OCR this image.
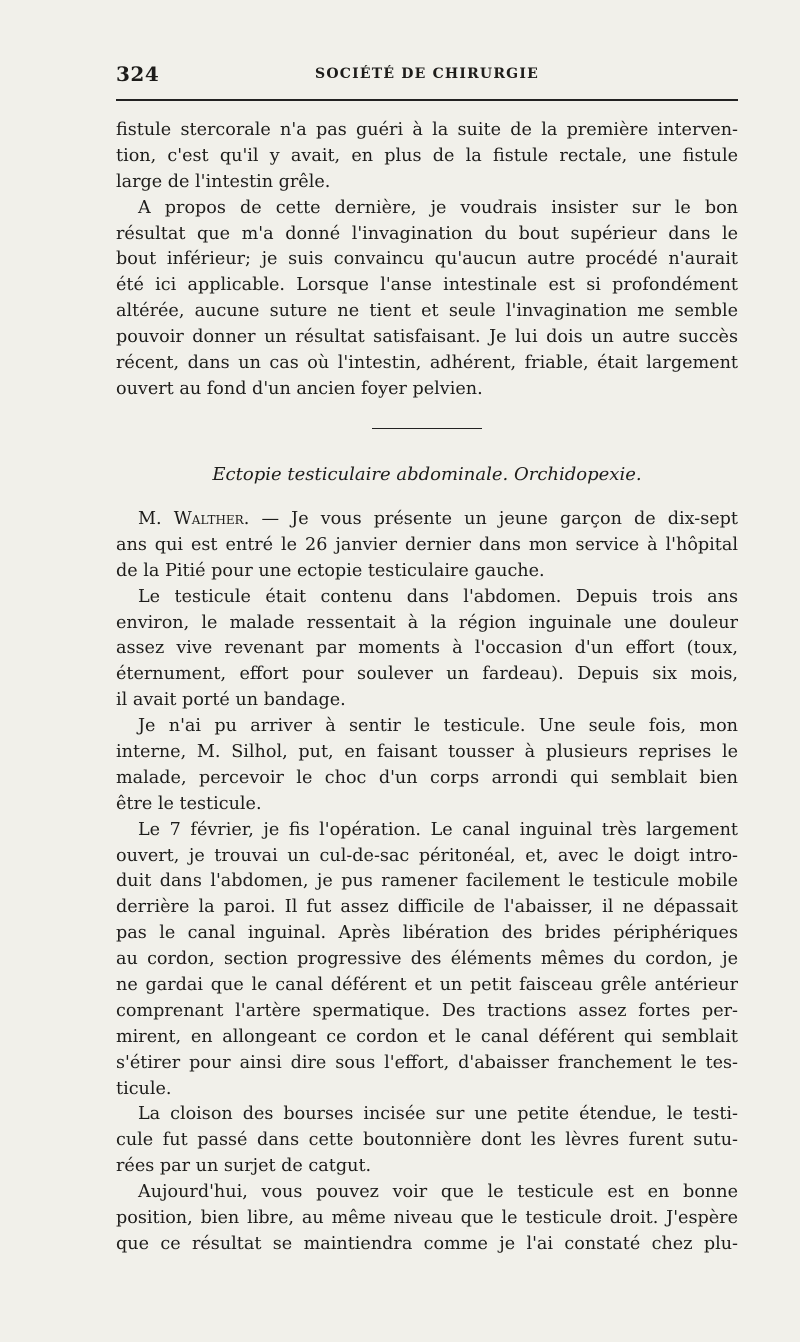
324	SOCIÉTÉ DE CHIRURGIE
fistule stercorale n'a pas guéri à la suite de la première interven-
tion, c'est qu'il y avait, en plus de la fistule rectale, une fistule
large de l'intestin grêle.
A propos de cette dernière, je voudrais insister sur le bon
résultat que m'a donné l'invagination du bout supérieur dans le
bout inférieur; je suis convaincu qu'aucun autre procédé n'aurait
été ici applicable. Lorsque l'anse intestinale est si profondément
altérée, aucune suture ne tient et seule l'invagination me semble
pouvoir donner un résultat satisfaisant. Je lui dois un autre succès
récent, dans un cas où l'intestin, adhérent, friable, était largement
ouvert au fond d'un ancien foyer pelvien.
Ectopie testiculaire abdominale. Orchidopexie.
M. Walther. — Je vous présente un jeune garçon de dix-sept
ans qui est entré le 26 janvier dernier dans mon service à l'hôpital
de la Pitié pour une ectopie testiculaire gauche.
Le testicule était contenu dans l'abdomen. Depuis trois ans
environ, le malade ressentait à la région inguinale une douleur
assez vive revenant par moments à l'occasion d'un effort (toux,
éternument, effort pour soulever un fardeau). Depuis six mois,
il avait porté un bandage.
Je n'ai pu arriver à sentir le testicule. Une seule fois, mon
interne, M. Silhol, put, en faisant tousser à plusieurs reprises le
malade, percevoir le choc d'un corps arrondi qui semblait bien
être le testicule.
Le 7 février, je fis l'opération. Le canal inguinal très largement
ouvert, je trouvai un cul-de-sac péritonéal, et, avec le doigt intro-
duit dans l'abdomen, je pus ramener facilement le testicule mobile
derrière la paroi. Il fut assez difficile de l'abaisser, il ne dépassait
pas le canal inguinal. Après libération des brides périphériques
au cordon, section progressive des éléments mêmes du cordon, je
ne gardai que le canal déférent et un petit faisceau grêle antérieur
comprenant l'artère spermatique. Des tractions assez fortes per-
mirent, en allongeant ce cordon et le canal déférent qui semblait
s'étirer pour ainsi dire sous l'effort, d'abaisser franchement le tes-
ticule.
La cloison des bourses incisée sur une petite étendue, le testi-
cule fut passé dans cette boutonnière dont les lèvres furent sutu-
rées par un surjet de catgut.
Aujourd'hui, vous pouvez voir que le testicule est en bonne
position, bien libre, au même niveau que le testicule droit. J'espère
que ce résultat se maintiendra comme je l'ai constaté chez plu-
